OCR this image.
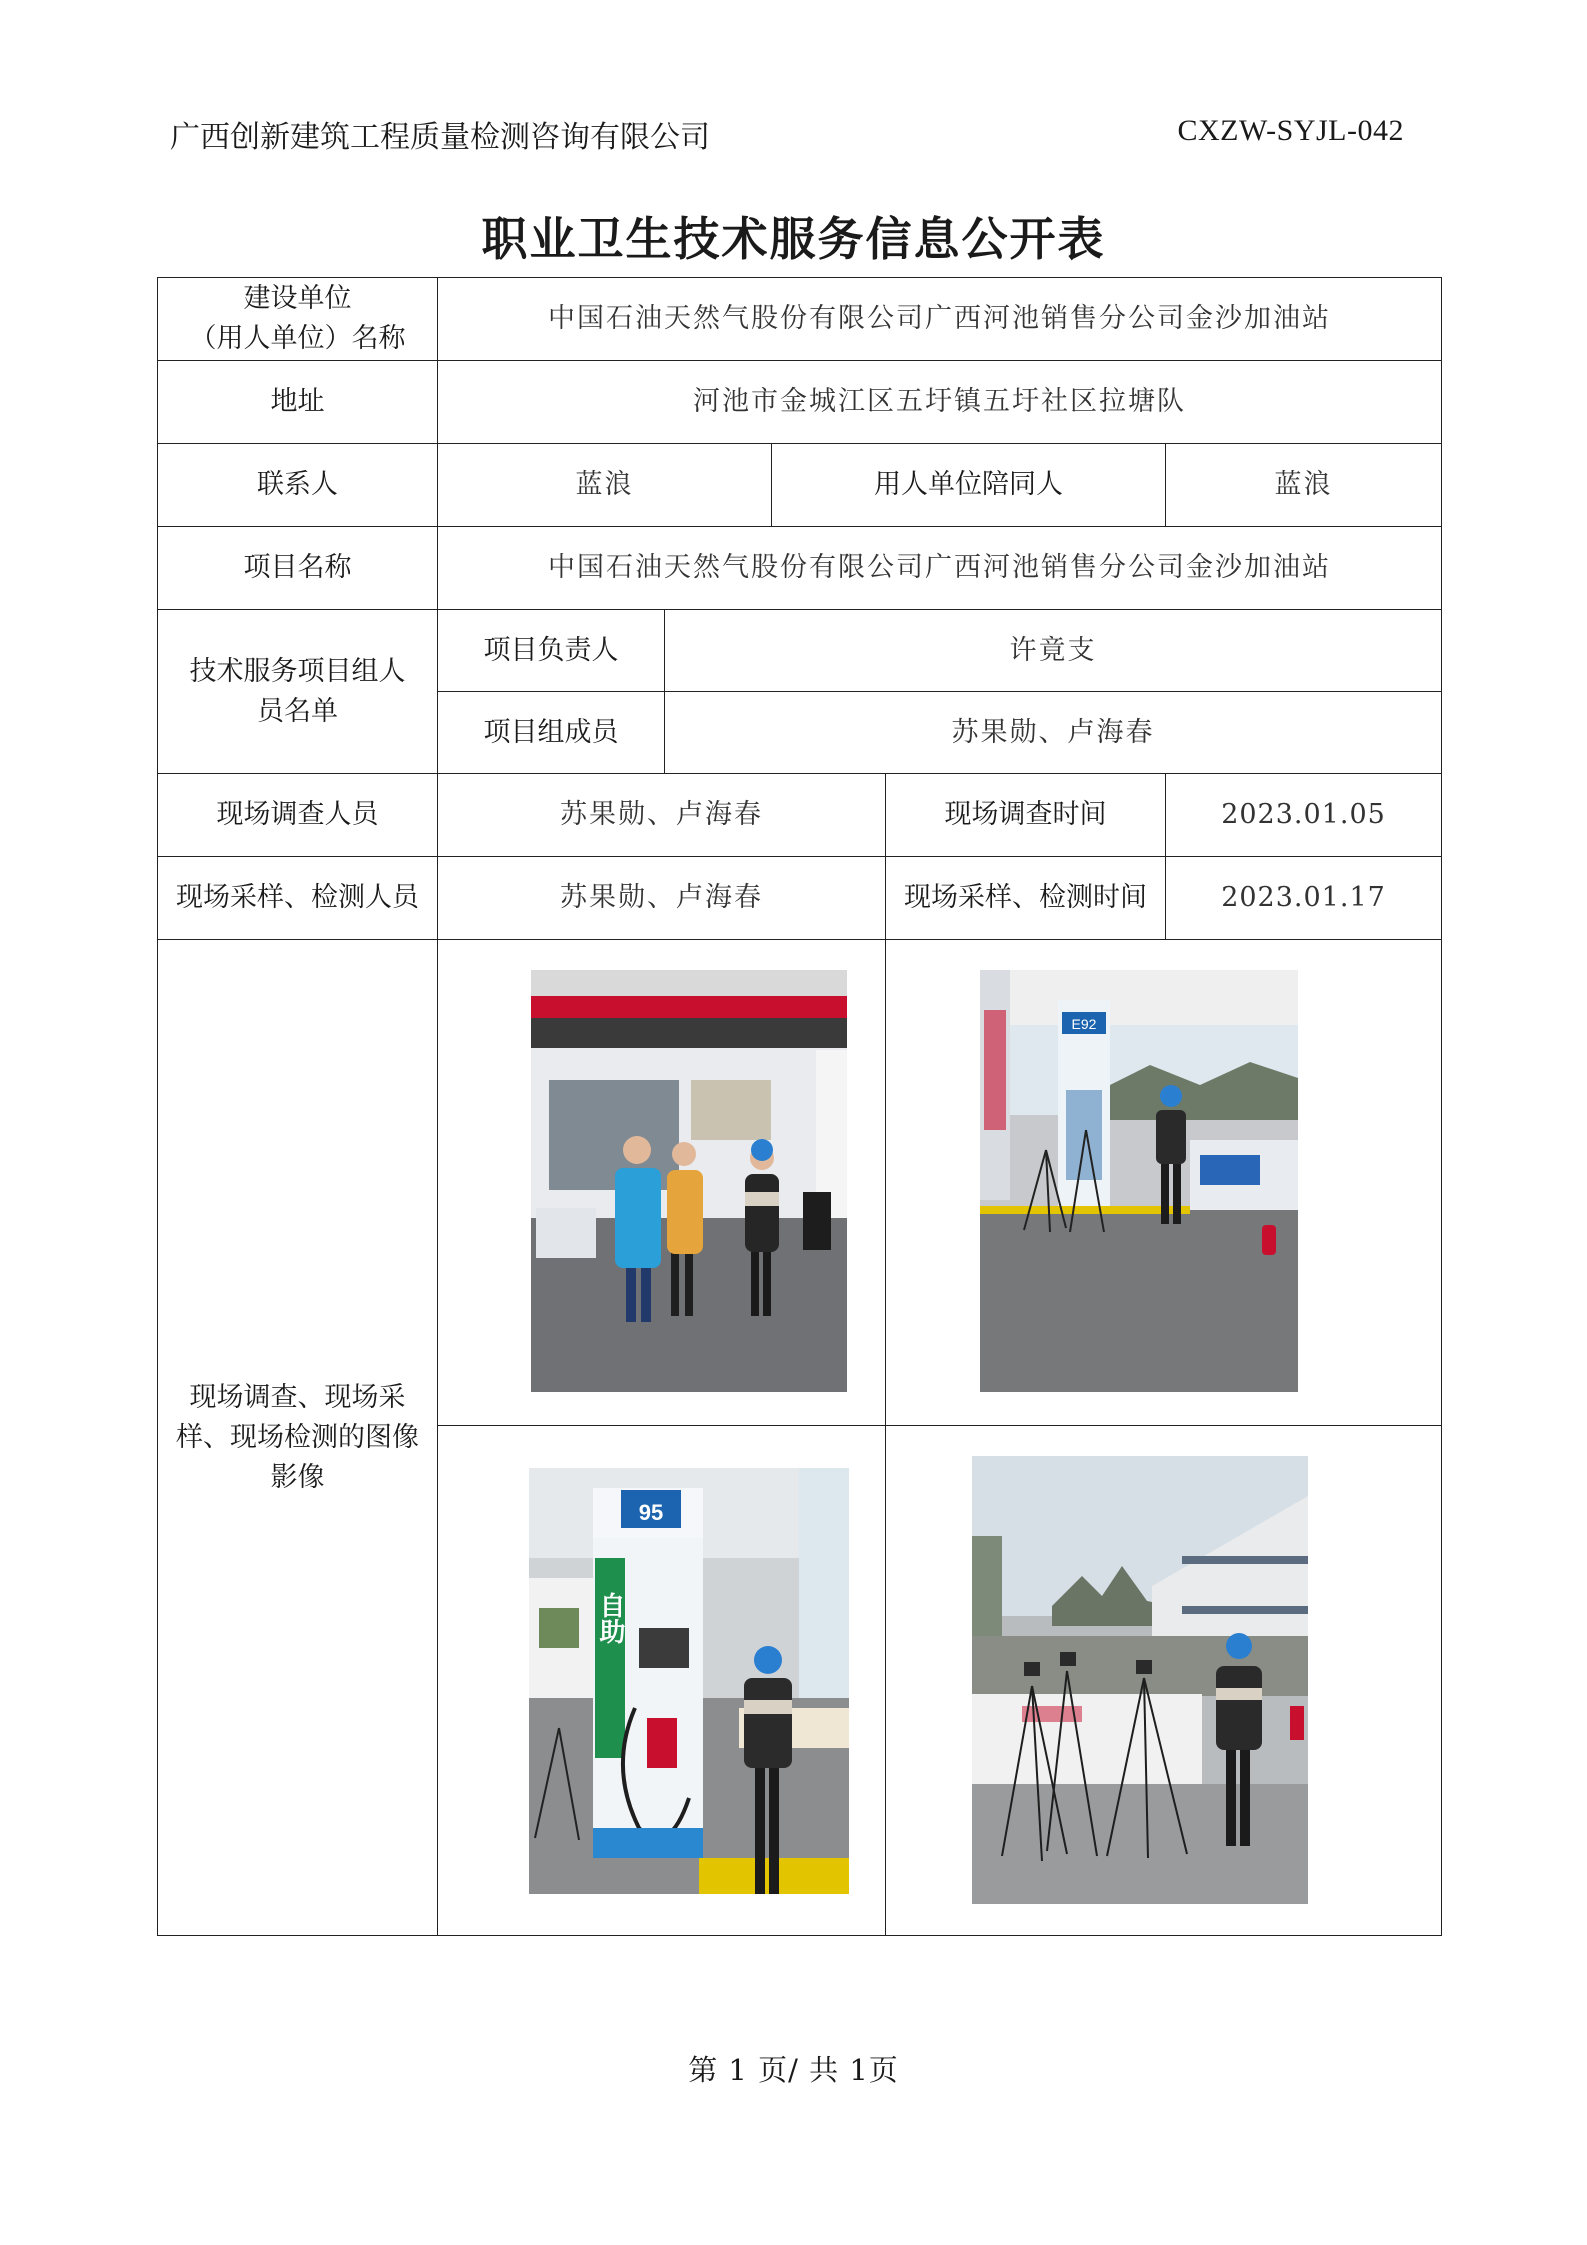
广西创新建筑工程质量检测咨询有限公司	CXZW-SYJL-042
职业卫生技术服务信息公开表
建设单位
（用人单位）名称	中国石油天然气股份有限公司广西河池销售分公司金沙加油站				
地址	河池市金城江区五圩镇五圩社区拉塘队				
联系人	蓝浪		用人单位陪同人		蓝浪
项目名称	中国石油天然气股份有限公司广西河池销售分公司金沙加油站				

技术服务项目组人
员名单	项目负责人	许竟支			
	项目组成员	苏果勋、卢海春			
现场调查人员	苏果勋、卢海春			现场调查时间	2023.01.05
现场采样、检测人员	苏果勋、卢海春			现场采样、检测时间	2023.01.17

现场调查、现场采
样、现场检测的图像
影像				E92	

95
自助

第 1 页/ 共 1页
